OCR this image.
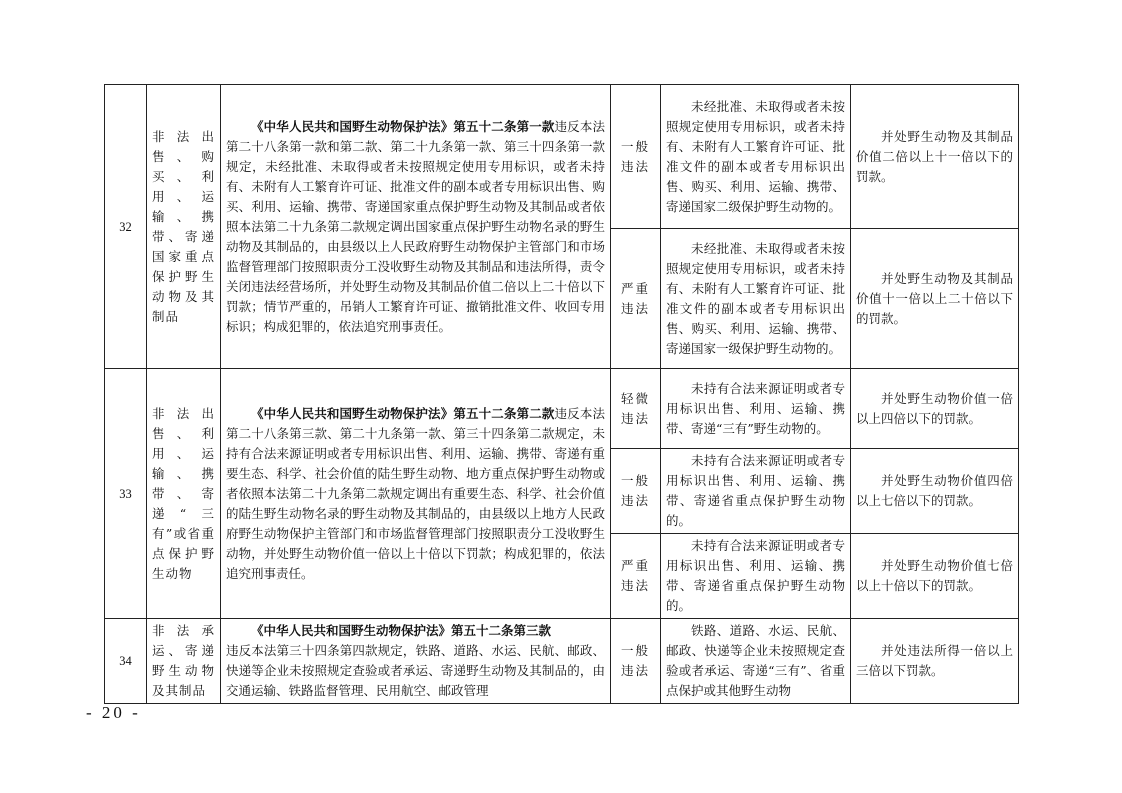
32	非法出售、购买、利用、运输、携带、寄递国家重点保护野生动物及其制品	《中华人民共和国野生动物保护法》第五十二条第一款违反本法第二十八条第一款和第二款、第二十九条第一款、第三十四条第一款规定，未经批准、未取得或者未按照规定使用专用标识，或者未持有、未附有人工繁育许可证、批准文件的副本或者专用标识出售、购买、利用、运输、携带、寄递国家重点保护野生动物及其制品或者依照本法第二十九条第二款规定调出国家重点保护野生动物名录的野生动物及其制品的，由县级以上人民政府野生动物保护主管部门和市场监督管理部门按照职责分工没收野生动物及其制品和违法所得，责令关闭违法经营场所，并处野生动物及其制品价值二倍以上二十倍以下罚款；情节严重的，吊销人工繁育许可证、撤销批准文件、收回专用标识；构成犯罪的，依法追究刑事责任。	一般违法	未经批准、未取得或者未按照规定使用专用标识，或者未持有、未附有人工繁育许可证、批准文件的副本或者专用标识出售、购买、利用、运输、携带、寄递国家二级保护野生动物的。	并处野生动物及其制品价值二倍以上十一倍以下的罚款。

			严重违法	未经批准、未取得或者未按照规定使用专用标识，或者未持有、未附有人工繁育许可证、批准文件的副本或者专用标识出售、购买、利用、运输、携带、寄递国家一级保护野生动物的。	并处野生动物及其制品价值十一倍以上二十倍以下的罚款。

33	非法出售、利用、运输、携带、寄递“三有”或省重点保护野生动物	《中华人民共和国野生动物保护法》第五十二条第二款违反本法第二十八条第三款、第二十九条第一款、第三十四条第二款规定，未持有合法来源证明或者专用标识出售、利用、运输、携带、寄递有重要生态、科学、社会价值的陆生野生动物、地方重点保护野生动物或者依照本法第二十九条第二款规定调出有重要生态、科学、社会价值的陆生野生动物名录的野生动物及其制品的，由县级以上地方人民政府野生动物保护主管部门和市场监督管理部门按照职责分工没收野生动物，并处野生动物价值一倍以上十倍以下罚款；构成犯罪的，依法追究刑事责任。	轻微违法	未持有合法来源证明或者专用标识出售、利用、运输、携带、寄递“三有”野生动物的。	并处野生动物价值一倍以上四倍以下的罚款。

			一般违法	未持有合法来源证明或者专用标识出售、利用、运输、携带、寄递省重点保护野生动物的。	并处野生动物价值四倍以上七倍以下的罚款。

			严重违法	未持有合法来源证明或者专用标识出售、利用、运输、携带、寄递省重点保护野生动物的。	并处野生动物价值七倍以上十倍以下的罚款。

34	非法承运、寄递野生动物及其制品	《中华人民共和国野生动物保护法》第五十二条第三款
违反本法第三十四条第四款规定，铁路、道路、水运、民航、邮政、快递等企业未按照规定查验或者承运、寄递野生动物及其制品的，由交通运输、铁路监督管理、民用航空、邮政管理	一般违法	铁路、道路、水运、民航、邮政、快递等企业未按照规定查验或者承运、寄递“三有”、省重点保护或其他野生动物	并处违法所得一倍以上三倍以下罚款。
- 20 -
